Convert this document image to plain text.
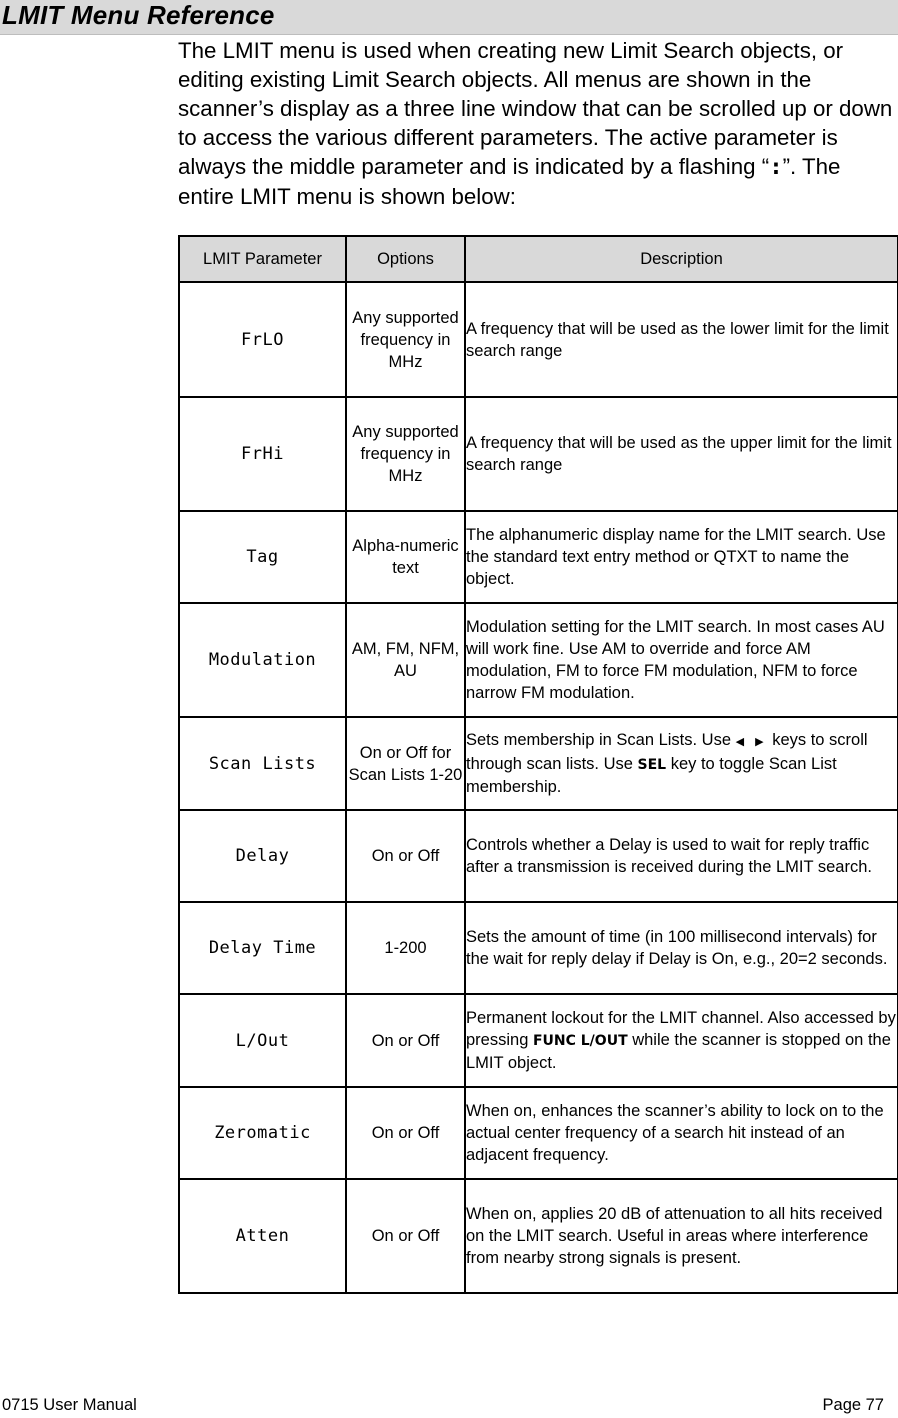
LMIT Menu Reference

The LMIT menu is used when creating new Limit Search objects, or editing existing Limit Search objects. All menus are shown in the scanner’s display as a three line window that can be scrolled up or down to access the various different parameters. The active parameter is always the middle parameter and is indicated by a flashing “:”. The entire LMIT menu is shown below:

LMIT Parameter	Options	Description
FrLO	Any supported frequency in MHz	A frequency that will be used as the lower limit for the limit search range
FrHi	Any supported frequency in MHz	A frequency that will be used as the upper limit for the limit search range
Tag	Alpha-numeric text	The alphanumeric display name for the LMIT search. Use the standard text entry method or QTXT to name the object.
Modulation	AM, FM, NFM, AU	Modulation setting for the LMIT search. In most cases AU will work fine. Use AM to override and force AM modulation, FM to force FM modulation, NFM to force narrow FM modulation.
Scan Lists	On or Off for Scan Lists 1-20	Sets membership in Scan Lists. Use ◀ ▶ keys to scroll through scan lists. Use SEL key to toggle Scan List membership.
Delay	On or Off	Controls whether a Delay is used to wait for reply traffic after a transmission is received during the LMIT search.
Delay Time	1-200	Sets the amount of time (in 100 millisecond intervals) for the wait for reply delay if Delay is On, e.g., 20=2 seconds.
L/Out	On or Off	Permanent lockout for the LMIT channel. Also accessed by pressing FUNC L/OUT while the scanner is stopped on the LMIT object.
Zeromatic	On or Off	When on, enhances the scanner’s ability to lock on to the actual center frequency of a search hit instead of an adjacent frequency.
Atten	On or Off	When on, applies 20 dB of attenuation to all hits received on the LMIT search. Useful in areas where interference from nearby strong signals is present.
0715 User Manual	Page 77
